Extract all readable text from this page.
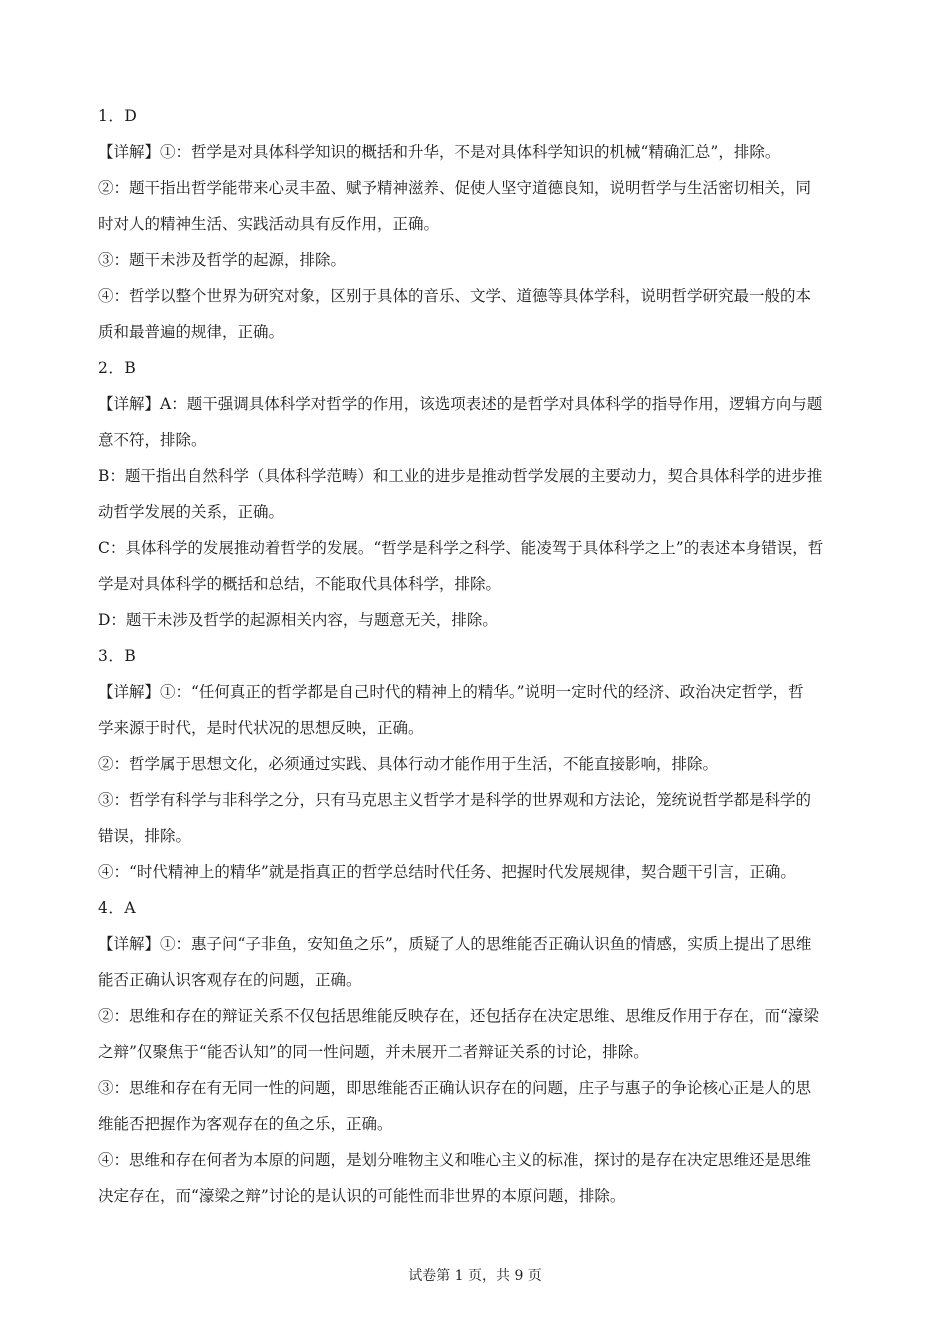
1．D
【详解】①：哲学是对具体科学知识的概括和升华，不是对具体科学知识的机械“精确汇总”，排除。
②：题干指出哲学能带来心灵丰盈、赋予精神滋养、促使人坚守道德良知，说明哲学与生活密切相关，同
时对人的精神生活、实践活动具有反作用，正确。
③：题干未涉及哲学的起源，排除。
④：哲学以整个世界为研究对象，区别于具体的音乐、文学、道德等具体学科，说明哲学研究最一般的本
质和最普遍的规律，正确。
2．B
【详解】A：题干强调具体科学对哲学的作用，该选项表述的是哲学对具体科学的指导作用，逻辑方向与题
意不符，排除。
B：题干指出自然科学（具体科学范畴）和工业的进步是推动哲学发展的主要动力，契合具体科学的进步推
动哲学发展的关系，正确。
C：具体科学的发展推动着哲学的发展。“哲学是科学之科学、能凌驾于具体科学之上”的表述本身错误，哲
学是对具体科学的概括和总结，不能取代具体科学，排除。
D：题干未涉及哲学的起源相关内容，与题意无关，排除。
3．B
【详解】①：“任何真正的哲学都是自己时代的精神上的精华。”说明一定时代的经济、政治决定哲学，哲
学来源于时代，是时代状况的思想反映，正确。
②：哲学属于思想文化，必须通过实践、具体行动才能作用于生活，不能直接影响，排除。
③：哲学有科学与非科学之分，只有马克思主义哲学才是科学的世界观和方法论，笼统说哲学都是科学的
错误，排除。
④：“时代精神上的精华”就是指真正的哲学总结时代任务、把握时代发展规律，契合题干引言，正确。
4．A
【详解】①：惠子问“子非鱼，安知鱼之乐”，质疑了人的思维能否正确认识鱼的情感，实质上提出了思维
能否正确认识客观存在的问题，正确。
②：思维和存在的辩证关系不仅包括思维能反映存在，还包括存在决定思维、思维反作用于存在，而“濠梁
之辩”仅聚焦于“能否认知”的同一性问题，并未展开二者辩证关系的讨论，排除。
③：思维和存在有无同一性的问题，即思维能否正确认识存在的问题，庄子与惠子的争论核心正是人的思
维能否把握作为客观存在的鱼之乐，正确。
④：思维和存在何者为本原的问题，是划分唯物主义和唯心主义的标准，探讨的是存在决定思维还是思维
决定存在，而“濠梁之辩”讨论的是认识的可能性而非世界的本原问题，排除。
试卷第 1 页，共 9 页
